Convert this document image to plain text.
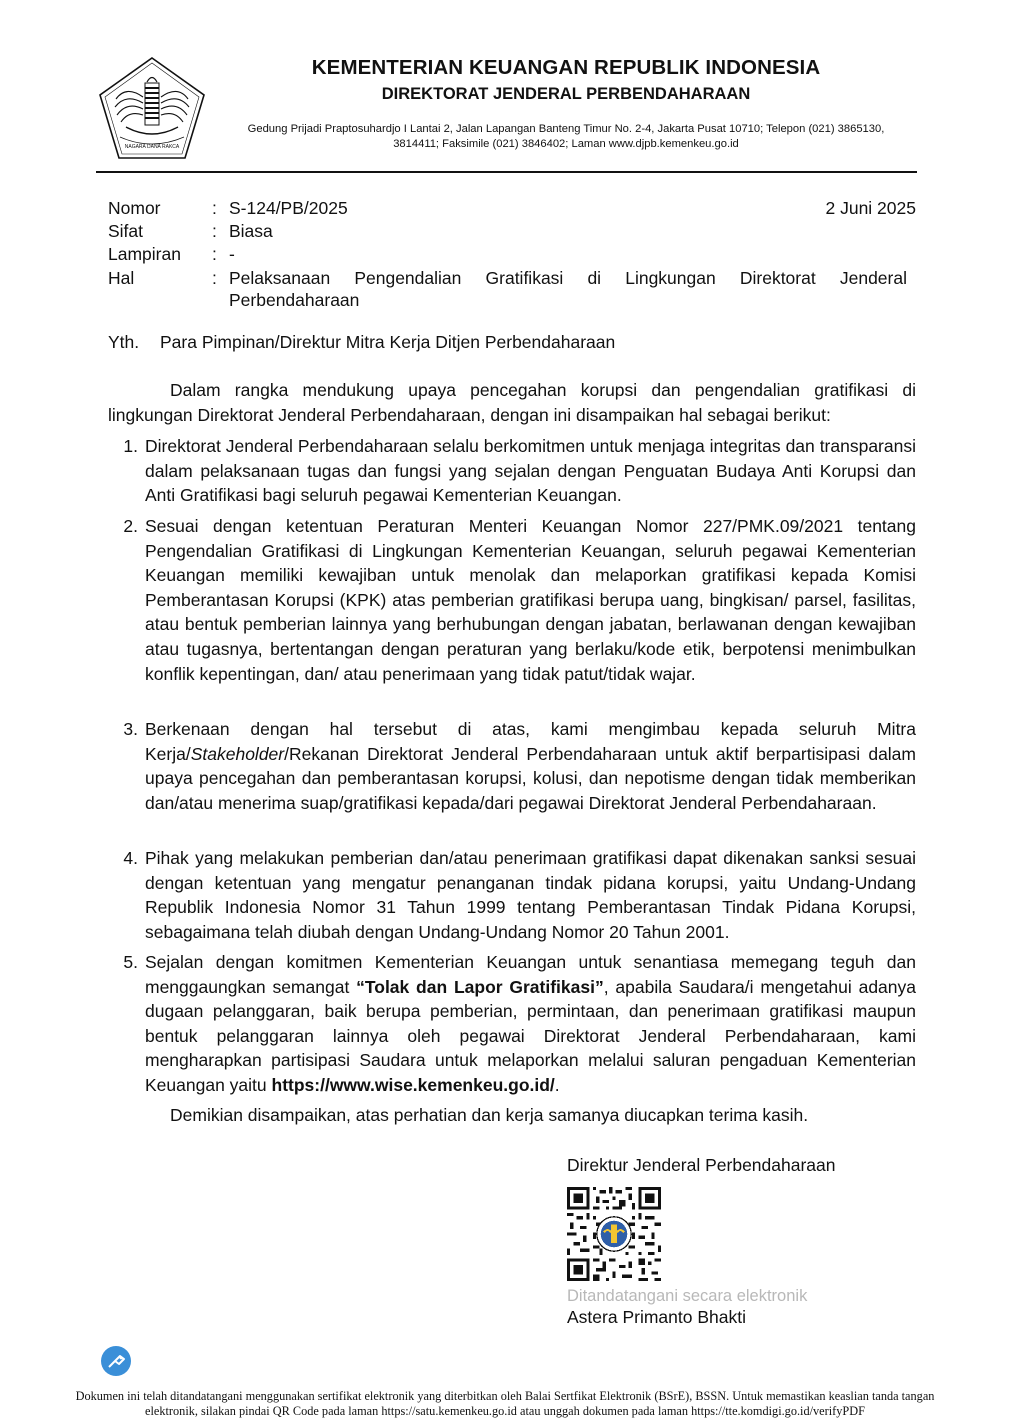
NAGARA DANA RAKCA
KEMENTERIAN KEUANGAN REPUBLIK INDONESIA
DIREKTORAT JENDERAL PERBENDAHARAAN
Gedung Prijadi Praptosuhardjo I Lantai 2, Jalan Lapangan Banteng Timur No. 2-4, Jakarta Pusat 10710; Telepon (021) 3865130,
3814411; Faksimile (021) 3846402; Laman www.djpb.kemenkeu.go.id
Nomor	: S-124/PB/2025	2 Juni 2025
Sifat	: Biasa
Lampiran : -
Hal	: Pelaksanaan Pengendalian Gratifikasi di Lingkungan Direktorat Jenderal Perbendaharaan
Yth. Para Pimpinan/Direktur Mitra Kerja Ditjen Perbendaharaan
Dalam rangka mendukung upaya pencegahan korupsi dan pengendalian gratifikasi di lingkungan Direktorat Jenderal Perbendaharaan, dengan ini disampaikan hal sebagai berikut:
1. Direktorat Jenderal Perbendaharaan selalu berkomitmen untuk menjaga integritas dan transparansi dalam pelaksanaan tugas dan fungsi yang sejalan dengan Penguatan Budaya Anti Korupsi dan Anti Gratifikasi bagi seluruh pegawai Kementerian Keuangan.
2. Sesuai dengan ketentuan Peraturan Menteri Keuangan Nomor 227/PMK.09/2021 tentang Pengendalian Gratifikasi di Lingkungan Kementerian Keuangan, seluruh pegawai Kementerian Keuangan memiliki kewajiban untuk menolak dan melaporkan gratifikasi kepada Komisi Pemberantasan Korupsi (KPK) atas pemberian gratifikasi berupa uang, bingkisan/ parsel, fasilitas, atau bentuk pemberian lainnya yang berhubungan dengan jabatan, berlawanan dengan kewajiban atau tugasnya, bertentangan dengan peraturan yang berlaku/kode etik, berpotensi menimbulkan konflik kepentingan, dan/ atau penerimaan yang tidak patut/tidak wajar.
3. Berkenaan dengan hal tersebut di atas, kami mengimbau kepada seluruh Mitra Kerja/Stakeholder/Rekanan Direktorat Jenderal Perbendaharaan untuk aktif berpartisipasi dalam upaya pencegahan dan pemberantasan korupsi, kolusi, dan nepotisme dengan tidak memberikan dan/atau menerima suap/gratifikasi kepada/dari pegawai Direktorat Jenderal Perbendaharaan.
4. Pihak yang melakukan pemberian dan/atau penerimaan gratifikasi dapat dikenakan sanksi sesuai dengan ketentuan yang mengatur penanganan tindak pidana korupsi, yaitu Undang-Undang Republik Indonesia Nomor 31 Tahun 1999 tentang Pemberantasan Tindak Pidana Korupsi, sebagaimana telah diubah dengan Undang-Undang Nomor 20 Tahun 2001.
5. Sejalan dengan komitmen Kementerian Keuangan untuk senantiasa memegang teguh dan menggaungkan semangat “Tolak dan Lapor Gratifikasi”, apabila Saudara/i mengetahui adanya dugaan pelanggaran, baik berupa pemberian, permintaan, dan penerimaan gratifikasi maupun bentuk pelanggaran lainnya oleh pegawai Direktorat Jenderal Perbendaharaan, kami mengharapkan partisipasi Saudara untuk melaporkan melalui saluran pengaduan Kementerian Keuangan yaitu https://www.wise.kemenkeu.go.id/.
Demikian disampaikan, atas perhatian dan kerja samanya diucapkan terima kasih.
Direktur Jenderal Perbendaharaan
Ditandatangani secara elektronik
Astera Primanto Bhakti
Dokumen ini telah ditandatangani menggunakan sertifikat elektronik yang diterbitkan oleh Balai Sertfikat Elektronik (BSrE), BSSN. Untuk memastikan keaslian tanda tangan
elektronik, silakan pindai QR Code pada laman https://satu.kemenkeu.go.id atau unggah dokumen pada laman https://tte.komdigi.go.id/verifyPDF
